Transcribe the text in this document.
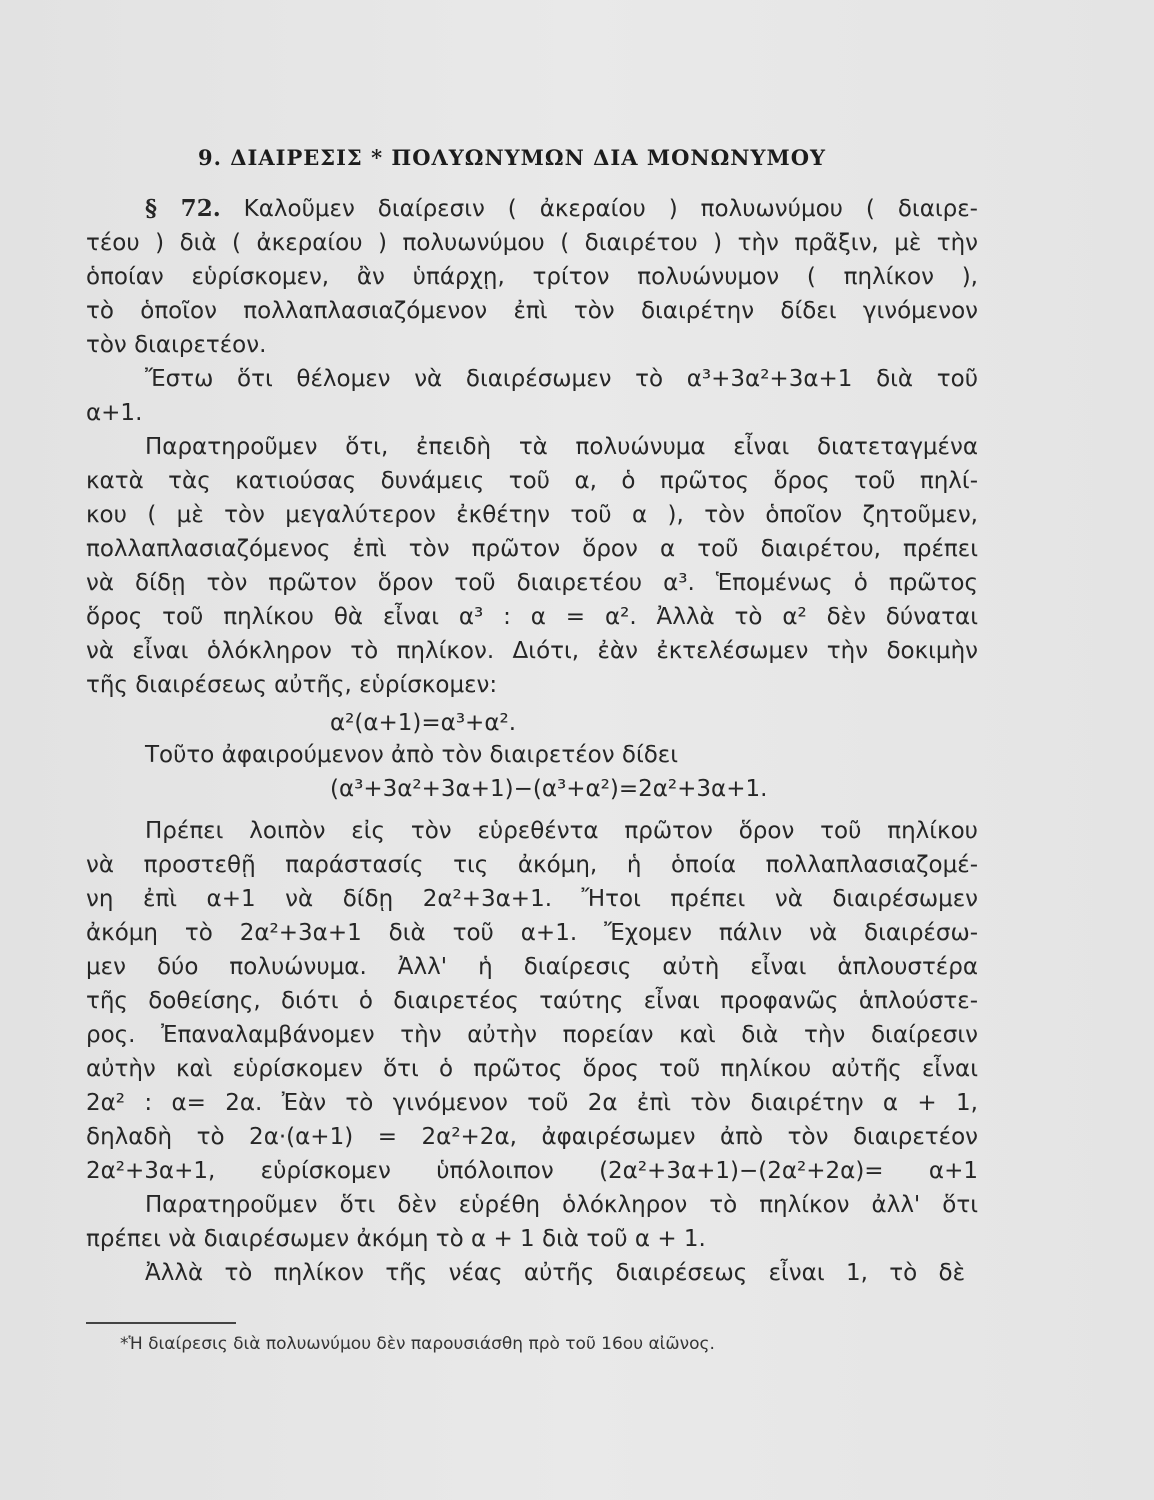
9. ΔΙΑΙΡΕΣΙΣ * ΠΟΛΥΩΝΥΜΩΝ ΔΙΑ ΜΟΝΩΝΥΜΟΥ
§ 72. Καλοῦμεν διαίρεσιν ( ἀκεραίου ) πολυωνύμου ( διαιρε-
τέου ) διὰ ( ἀκεραίου ) πολυωνύμου ( διαιρέτου ) τὴν πρᾶξιν, μὲ τὴν
ὁποίαν εὑρίσκομεν, ἂν ὑπάρχῃ, τρίτον πολυώνυμον ( πηλίκον ),
τὸ ὁποῖον πολλαπλασιαζόμενον ἐπὶ τὸν διαιρέτην δίδει γινόμενον
τὸν διαιρετέον.
Ἔστω ὅτι θέλομεν νὰ διαιρέσωμεν τὸ α³+3α²+3α+1 διὰ τοῦ
α+1.
Παρατηροῦμεν ὅτι, ἐπειδὴ τὰ πολυώνυμα εἶναι διατεταγμένα
κατὰ τὰς κατιούσας δυνάμεις τοῦ α, ὁ πρῶτος ὅρος τοῦ πηλί-
κου ( μὲ τὸν μεγαλύτερον ἐκθέτην τοῦ α ), τὸν ὁποῖον ζητοῦμεν,
πολλαπλασιαζόμενος ἐπὶ τὸν πρῶτον ὅρον α τοῦ διαιρέτου, πρέπει
νὰ δίδῃ τὸν πρῶτον ὅρον τοῦ διαιρετέου α³. Ἑπομένως ὁ πρῶτος
ὅρος τοῦ πηλίκου θὰ εἶναι α³ : α = α². Ἀλλὰ τὸ α² δὲν δύναται
νὰ εἶναι ὁλόκληρον τὸ πηλίκον. Διότι, ἐὰν ἐκτελέσωμεν τὴν δοκιμὴν
τῆς διαιρέσεως αὐτῆς, εὑρίσκομεν:
α²(α+1)=α³+α².
Τοῦτο ἀφαιρούμενον ἀπὸ τὸν διαιρετέον δίδει
(α³+3α²+3α+1)−(α³+α²)=2α²+3α+1.
Πρέπει λοιπὸν εἰς τὸν εὑρεθέντα πρῶτον ὅρον τοῦ πηλίκου
νὰ προστεθῇ παράστασίς τις ἀκόμη, ἡ ὁποία πολλαπλασιαζομέ-
νη ἐπὶ α+1 νὰ δίδῃ 2α²+3α+1. Ἤτοι πρέπει νὰ διαιρέσωμεν
ἀκόμη τὸ 2α²+3α+1 διὰ τοῦ α+1. Ἔχομεν πάλιν νὰ διαιρέσω-
μεν δύο πολυώνυμα. Ἀλλ' ἡ διαίρεσις αὐτὴ εἶναι ἁπλουστέρα
τῆς δοθείσης, διότι ὁ διαιρετέος ταύτης εἶναι προφανῶς ἁπλούστε-
ρος. Ἐπαναλαμβάνομεν τὴν αὐτὴν πορείαν καὶ διὰ τὴν διαίρεσιν
αὐτὴν καὶ εὑρίσκομεν ὅτι ὁ πρῶτος ὅρος τοῦ πηλίκου αὐτῆς εἶναι
2α² : α= 2α. Ἐὰν τὸ γινόμενον τοῦ 2α ἐπὶ τὸν διαιρέτην α + 1,
δηλαδὴ τὸ 2α·(α+1) = 2α²+2α, ἀφαιρέσωμεν ἀπὸ τὸν διαιρετέον
2α²+3α+1, εὑρίσκομεν ὑπόλοιπον (2α²+3α+1)−(2α²+2α)= α+1
Παρατηροῦμεν ὅτι δὲν εὑρέθη ὁλόκληρον τὸ πηλίκον ἀλλ' ὅτι
πρέπει νὰ διαιρέσωμεν ἀκόμη τὸ α + 1 διὰ τοῦ α + 1.
Ἀλλὰ τὸ πηλίκον τῆς νέας αὐτῆς διαιρέσεως εἶναι 1, τὸ δὲ
*Ἡ διαίρεσις διὰ πολυωνύμου δὲν παρουσιάσθη πρὸ τοῦ 16ου αἰῶνος.
